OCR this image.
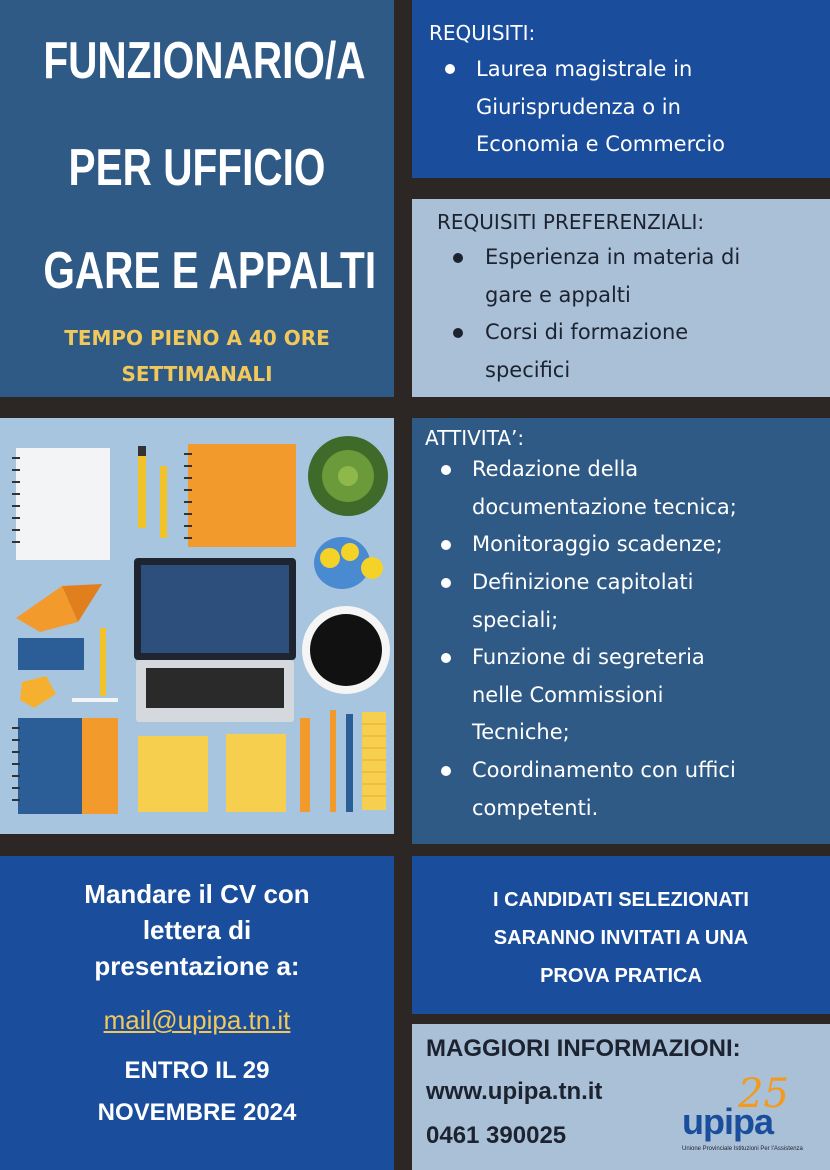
FUNZIONARIO/A
PER UFFICIO
GARE E APPALTI
TEMPO PIENO A 40 ORE
SETTIMANALI
REQUISITI:
Laurea magistrale in
Giurisprudenza o in
Economia e Commercio
REQUISITI PREFERENZIALI:
Esperienza in materia di
gare e appalti
Corsi di formazione
specifici
ATTIVITA’:
Redazione della
documentazione tecnica;
Monitoraggio scadenze;
Definizione capitolati
speciali;
Funzione di segreteria
nelle Commissioni
Tecniche;
Coordinamento con uffici
competenti.
Mandare il CV con
lettera di
presentazione a:
mail@upipa.tn.it
ENTRO IL 29
NOVEMBRE 2024
I CANDIDATI SELEZIONATI
SARANNO INVITATI A UNA
PROVA PRATICA
MAGGIORI INFORMAZIONI:
www.upipa.tn.it
0461 390025
25
upipa
Unione Provinciale Istituzioni Per l'Assistenza
